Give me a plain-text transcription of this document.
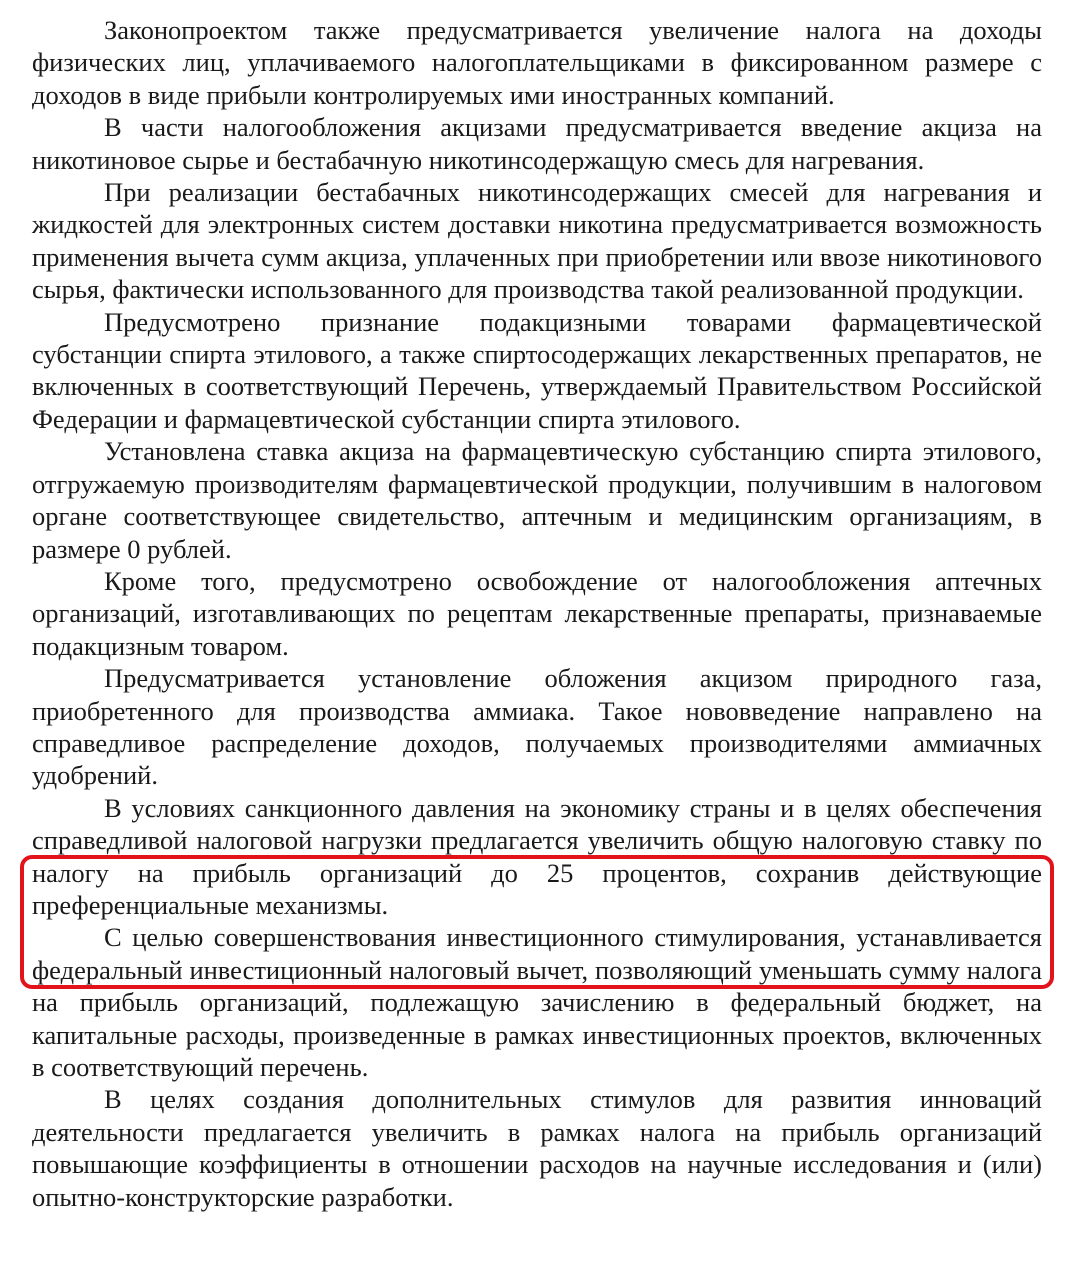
Законопроектом также предусматривается увеличение налога на доходы физических лиц, уплачиваемого налогоплательщиками в фиксированном размере с доходов в виде прибыли контролируемых ими иностранных компаний.

В части налогообложения акцизами предусматривается введение акциза на никотиновое сырье и бестабачную никотинсодержащую смесь для нагревания.

При реализации бестабачных никотинсодержащих смесей для нагревания и жидкостей для электронных систем доставки никотина предусматривается возможность применения вычета сумм акциза, уплаченных при приобретении или ввозе никотинового сырья, фактически использованного для производства такой реализованной продукции.

Предусмотрено признание подакцизными товарами фармацевтической субстанции спирта этилового, а также спиртосодержащих лекарственных препаратов, не включенных в соответствующий Перечень, утверждаемый Правительством Российской Федерации и фармацевтической субстанции спирта этилового.

Установлена ставка акциза на фармацевтическую субстанцию спирта этилового, отгружаемую производителям фармацевтической продукции, получившим в налоговом органе соответствующее свидетельство, аптечным и медицинским организациям, в размере 0 рублей.

Кроме того, предусмотрено освобождение от налогообложения аптечных организаций, изготавливающих по рецептам лекарственные препараты, признаваемые подакцизным товаром.

Предусматривается установление обложения акцизом природного газа, приобретенного для производства аммиака. Такое нововведение направлено на справедливое распределение доходов, получаемых производителями аммиачных удобрений.

В условиях санкционного давления на экономику страны и в целях обеспечения справедливой налоговой нагрузки предлагается увеличить общую налоговую ставку по налогу на прибыль организаций до 25 процентов, сохранив действующие преференциальные механизмы.

С целью совершенствования инвестиционного стимулирования, устанавливается федеральный инвестиционный налоговый вычет, позволяющий уменьшать сумму налога на прибыль организаций, подлежащую зачислению в федеральный бюджет, на капитальные расходы, произведенные в рамках инвестиционных проектов, включенных в соответствующий перечень.

В целях создания дополнительных стимулов для развития инноваций деятельности предлагается увеличить в рамках налога на прибыль организаций повышающие коэффициенты в отношении расходов на научные исследования и (или) опытно-конструкторские разработки.
